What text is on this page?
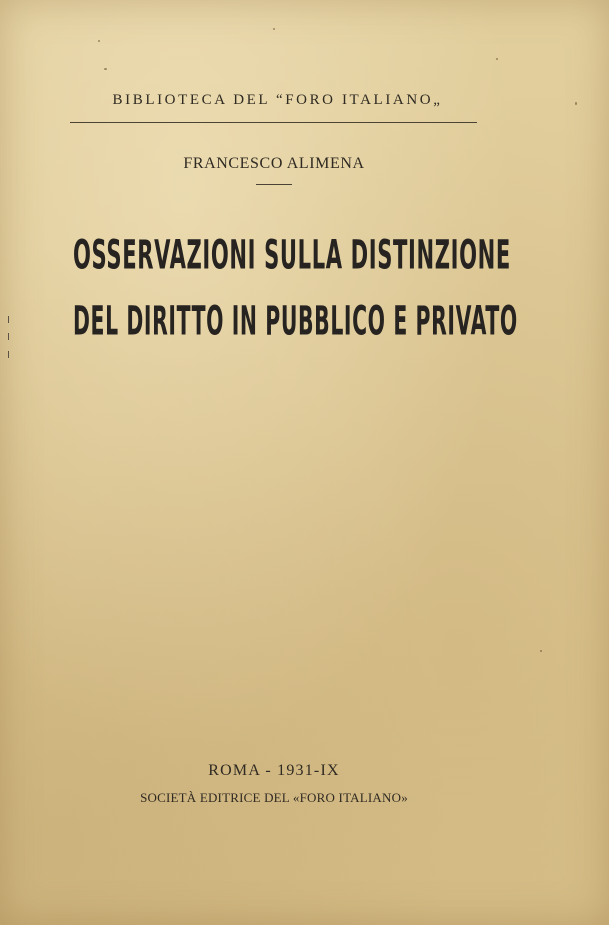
BIBLIOTECA DEL “FORO ITALIANO„
FRANCESCO ALIMENA
OSSERVAZIONI SULLA DISTINZIONE
DEL DIRITTO IN PUBBLICO E PRIVATO
ROMA - 1931-IX
SOCIETÀ EDITRICE DEL «FORO ITALIANO»
